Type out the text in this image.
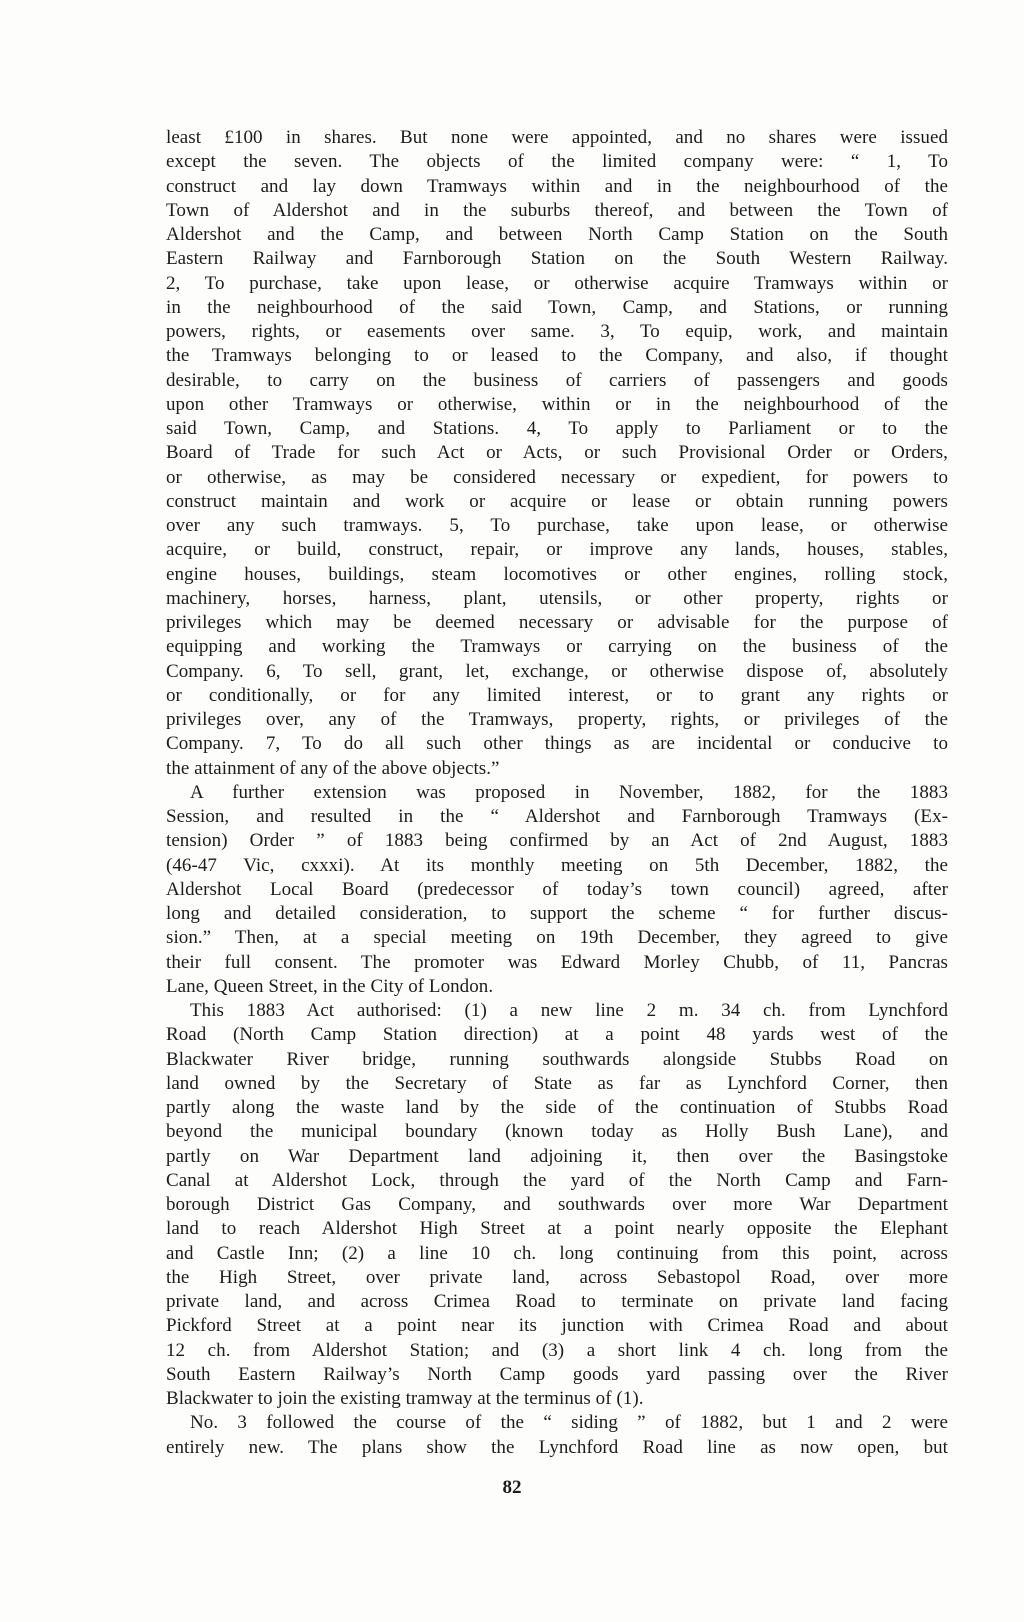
least £100 in shares. But none were appointed, and no shares were issued
except the seven. The objects of the limited company were: “ 1, To
construct and lay down Tramways within and in the neighbourhood of the
Town of Aldershot and in the suburbs thereof, and between the Town of
Aldershot and the Camp, and between North Camp Station on the South
Eastern Railway and Farnborough Station on the South Western Railway.
2, To purchase, take upon lease, or otherwise acquire Tramways within or
in the neighbourhood of the said Town, Camp, and Stations, or running
powers, rights, or easements over same. 3, To equip, work, and maintain
the Tramways belonging to or leased to the Company, and also, if thought
desirable, to carry on the business of carriers of passengers and goods
upon other Tramways or otherwise, within or in the neighbourhood of the
said Town, Camp, and Stations. 4, To apply to Parliament or to the
Board of Trade for such Act or Acts, or such Provisional Order or Orders,
or otherwise, as may be considered necessary or expedient, for powers to
construct maintain and work or acquire or lease or obtain running powers
over any such tramways. 5, To purchase, take upon lease, or otherwise
acquire, or build, construct, repair, or improve any lands, houses, stables,
engine houses, buildings, steam locomotives or other engines, rolling stock,
machinery, horses, harness, plant, utensils, or other property, rights or
privileges which may be deemed necessary or advisable for the purpose of
equipping and working the Tramways or carrying on the business of the
Company. 6, To sell, grant, let, exchange, or otherwise dispose of, absolutely
or conditionally, or for any limited interest, or to grant any rights or
privileges over, any of the Tramways, property, rights, or privileges of the
Company. 7, To do all such other things as are incidental or conducive to
the attainment of any of the above objects.”
A further extension was proposed in November, 1882, for the 1883
Session, and resulted in the “ Aldershot and Farnborough Tramways (Ex-
tension) Order ” of 1883 being confirmed by an Act of 2nd August, 1883
(46-47 Vic, cxxxi). At its monthly meeting on 5th December, 1882, the
Aldershot Local Board (predecessor of today’s town council) agreed, after
long and detailed consideration, to support the scheme “ for further discus-
sion.” Then, at a special meeting on 19th December, they agreed to give
their full consent. The promoter was Edward Morley Chubb, of 11, Pancras
Lane, Queen Street, in the City of London.
This 1883 Act authorised: (1) a new line 2 m. 34 ch. from Lynchford
Road (North Camp Station direction) at a point 48 yards west of the
Blackwater River bridge, running southwards alongside Stubbs Road on
land owned by the Secretary of State as far as Lynchford Corner, then
partly along the waste land by the side of the continuation of Stubbs Road
beyond the municipal boundary (known today as Holly Bush Lane), and
partly on War Department land adjoining it, then over the Basingstoke
Canal at Aldershot Lock, through the yard of the North Camp and Farn-
borough District Gas Company, and southwards over more War Department
land to reach Aldershot High Street at a point nearly opposite the Elephant
and Castle Inn; (2) a line 10 ch. long continuing from this point, across
the High Street, over private land, across Sebastopol Road, over more
private land, and across Crimea Road to terminate on private land facing
Pickford Street at a point near its junction with Crimea Road and about
12 ch. from Aldershot Station; and (3) a short link 4 ch. long from the
South Eastern Railway’s North Camp goods yard passing over the River
Blackwater to join the existing tramway at the terminus of (1).
No. 3 followed the course of the “ siding ” of 1882, but 1 and 2 were
entirely new. The plans show the Lynchford Road line as now open, but
82
